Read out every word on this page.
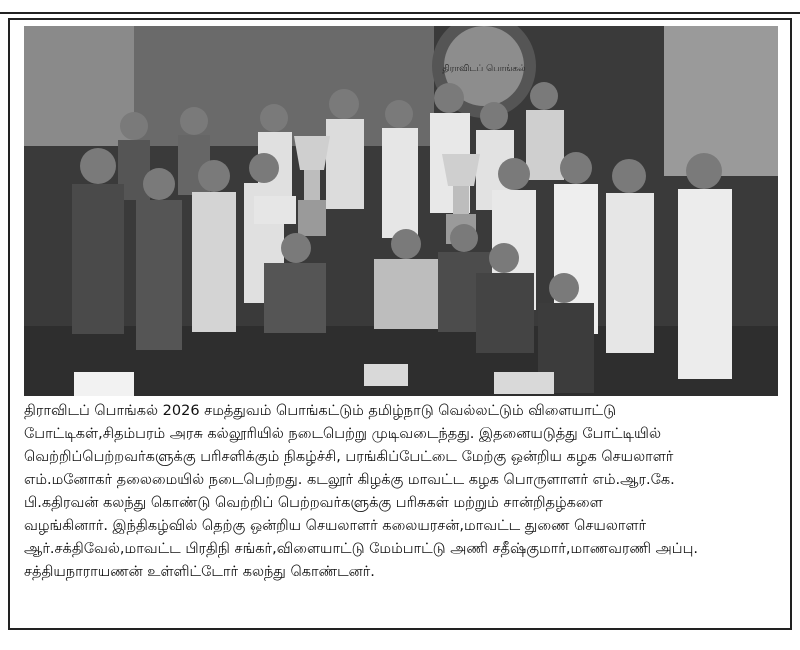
திராவிடப் பொங்கல்
திராவிடப் பொங்கல் 2026 சமத்துவம் பொங்கட்டும் தமிழ்நாடு வெல்லட்டும் விளையாட்டு
போட்டிகள்,சிதம்பரம் அரசு கல்லூரியில் நடைபெற்று முடிவடைந்தது. இதனையடுத்து போட்டியில்
வெற்றிப்பெற்றவர்களுக்கு பரிசளிக்கும் நிகழ்ச்சி, பரங்கிப்பேட்டை மேற்கு ஒன்றிய கழக செயலாளர்
எம்.மனோகர் தலைமையில் நடைபெற்றது. கடலூர் கிழக்கு மாவட்ட கழக பொருளாளர் எம்.ஆர.கே.
பி.கதிரவன் கலந்து கொண்டு வெற்றிப் பெற்றவர்களுக்கு பரிசுகள் மற்றும் சான்றிதழ்களை
வழங்கினார். இந்திகழ்வில் தெற்கு ஒன்றிய செயலாளர் கலையரசன்,மாவட்ட துணை செயலாளர்
ஆர்.சக்திவேல்,மாவட்ட பிரதிநி சங்கர்,விளையாட்டு மேம்பாட்டு அணி சதீஷ்குமார்,மாணவரணி அப்பு.
சத்தியநாராயணன் உள்ளிட்டோர் கலந்து கொண்டனர்.
